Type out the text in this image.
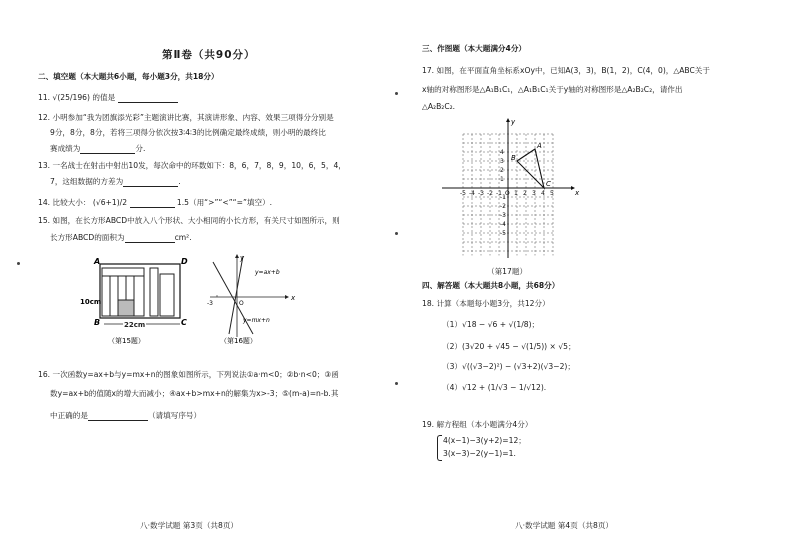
第Ⅱ卷（共90分）
二、填空题（本大题共6小题，每小题3分，共18分）
11. √(25/196) 的值是
12. 小明参加“我为团旗添光彩”主题演讲比赛，其演讲形象、内容、效果三项得分分别是
9分，8分，8分，若将三项得分依次按3∶4∶3的比例确定最终成绩，则小明的最终比
赛成绩为	分.
13. 一名战士在射击中射出10发，每次命中的环数如下：8，6，7，8，9，10，6，5，4，
7，这组数据的方差为	.
14. 比较大小： (√6+1)/2	1.5（用“>”“<”“=”填空）.
15. 如图，在长方形ABCD中放入八个形状、大小相同的小长方形，有关尺寸如图所示，则
长方形ABCD的面积为	cm².
A	D
B	C
10cm
22cm
（第15题）
x
y
y=ax+b
y=mx+n
-3	O
（第16题）
16. 一次函数y=ax+b与y=mx+n的图象如图所示，下列说法①a·m<0；②b·n<0；③函
数y=ax+b的值随x的增大而减小；④ax+b>mx+n的解集为x>-3；⑤(m-a)=n-b.其
中正确的是	（请填写序号）
八·数学试题 第3页（共8页）
三、作图题（本大题满分4分）
17. 如图，在平面直角坐标系xOy中，已知A(3，3)，B(1，2)，C(4，0)，△ABC关于
x轴的对称图形是△A₁B₁C₁，△A₁B₁C₁关于y轴的对称图形是△A₂B₂C₂，请作出
△A₂B₂C₂.
-5 -4 -3 -2 -1 O 1 2 3 4 5
4
3
2
1
-1
-2
-3
-4
-5
A
B
C
x
y
（第17题）
四、解答题（本大题共8小题，共68分）
18. 计算（本题每小题3分，共12分）
（1）√18 − √6 + √(1/8)；
（2）(3√20 + √45 − √(1/5)) × √5；
（3）√((√3−2)²) − (√3+2)(√3−2)；
（4）√12 + (1/√3 − 1/√12).
19. 解方程组（本小题满分4分）
4(x−1)−3(y+2)=12；
3(x−3)−2(y−1)=1.
八·数学试题 第4页（共8页）
